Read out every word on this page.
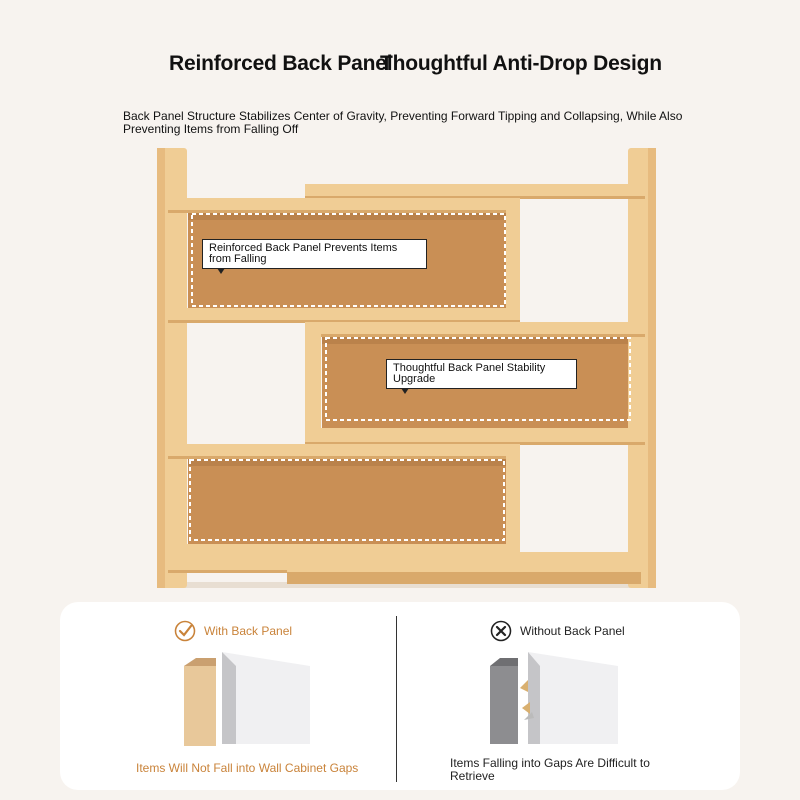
Reinforced Back Panel
Thoughtful Anti-Drop Design
Back Panel Structure Stabilizes Center of Gravity, Preventing Forward Tipping and Collapsing, While Also Preventing Items from Falling Off
Reinforced Back Panel Prevents Items from Falling
Thoughtful Back Panel Stability Upgrade
With Back Panel
Items Will Not Fall into Wall Cabinet Gaps
Without Back Panel
Items Falling into Gaps Are Difficult to Retrieve
